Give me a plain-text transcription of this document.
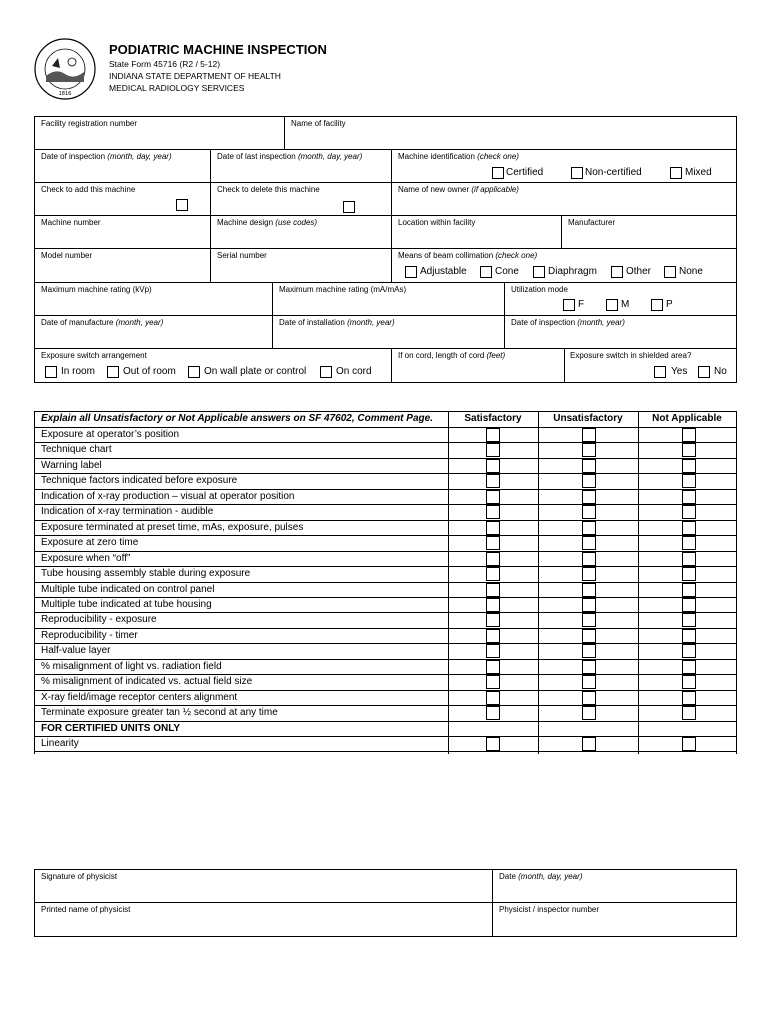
1816
PODIATRIC MACHINE INSPECTION
State Form 45716 (R2 / 5-12)
INDIANA STATE DEPARTMENT OF HEALTH
MEDICAL RADIOLOGY SERVICES
Facility registration number	Name of facility
Date of inspection (month, day, year)	Date of last inspection (month, day, year)	Machine identification (check one)
Certified	Non-certified	Mixed
Check to add this machine	Check to delete this machine	Name of new owner (if applicable)
Machine number	Machine design (use codes)	Location within facility	Manufacturer
Model number	Serial number	Means of beam collimation (check one)
Adjustable	Cone	Diaphragm	Other	None
Maximum machine rating (kVp)	Maximum machine rating (mA/mAs)	Utilization mode
F	M	P
Date of manufacture (month, year)	Date of installation (month, year)	Date of inspection (month, year)
Exposure switch arrangement
In room	Out of room	On wall plate or control	On cord
If on cord, length of cord (feet)	Exposure switch in shielded area?
Yes	No
Explain all Unsatisfactory or Not Applicable answers on SF 47602, Comment Page.	Satisfactory	Unsatisfactory	Not Applicable
Exposure at operator’s position
Technique chart
Warning label
Technique factors indicated before exposure
Indication of x-ray production – visual at operator position
Indication of x-ray termination - audible
Exposure terminated at preset time, mAs, exposure, pulses
Exposure at zero time
Exposure when “off”
Tube housing assembly stable during exposure
Multiple tube indicated on control panel
Multiple tube indicated at tube housing
Reproducibility - exposure
Reproducibility - timer
Half-value layer
% misalignment of light vs. radiation field
% misalignment of indicated vs. actual field size
X-ray field/image receptor centers alignment
Terminate exposure greater tan ½ second at any time
FOR CERTIFIED UNITS ONLY
Linearity
Signature of physicist	Date (month, day, year)
Printed name of physicist	Physicist / inspector number
